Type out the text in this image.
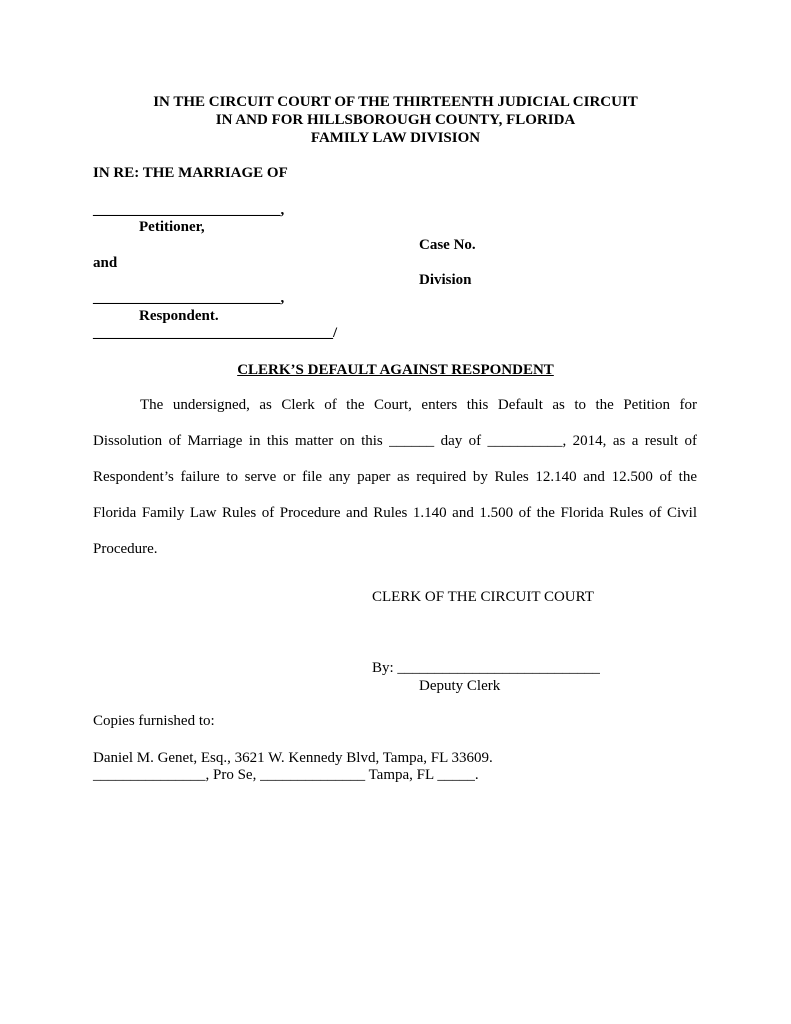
IN THE CIRCUIT COURT OF THE THIRTEENTH JUDICIAL CIRCUIT
IN AND FOR HILLSBOROUGH COUNTY, FLORIDA
FAMILY LAW DIVISION
IN RE: THE MARRIAGE OF
_________________________,
Petitioner,
Case No.
and
Division
_________________________,
Respondent.
________________________________/
CLERK’S DEFAULT AGAINST RESPONDENT
The undersigned, as Clerk of the Court, enters this Default as to the Petition for
Dissolution of Marriage in this matter on this ______ day of __________, 2014, as a result of
Respondent’s failure to serve or file any paper as required by Rules 12.140 and 12.500 of the
Florida Family Law Rules of Procedure and Rules 1.140 and 1.500 of the Florida Rules of Civil
Procedure.
CLERK OF THE CIRCUIT COURT
By: ___________________________
Deputy Clerk
Copies furnished to:
Daniel M. Genet, Esq., 3621 W. Kennedy Blvd, Tampa, FL 33609.
_______________, Pro Se, ______________ Tampa, FL _____.
